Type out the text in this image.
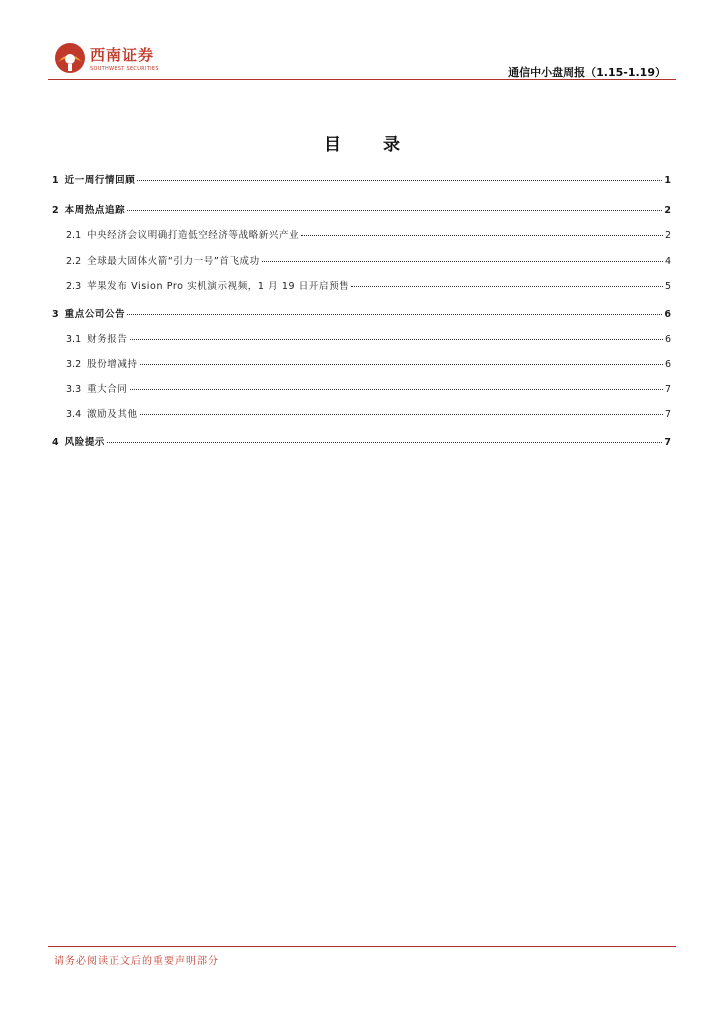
西南证券
SOUTHWEST SECURITIES	通信中小盘周报（1.15-1.19）
目 录
1 近一周行情回顾	1
2 本周热点追踪	2
2.1 中央经济会议明确打造低空经济等战略新兴产业	2
2.2 全球最大固体火箭“引力一号”首飞成功	4
2.3 苹果发布 Vision Pro 实机演示视频，1 月 19 日开启预售	5
3 重点公司公告	6
3.1 财务报告	6
3.2 股份增减持	6
3.3 重大合同	7
3.4 激励及其他	7
4 风险提示	7
请务必阅读正文后的重要声明部分
